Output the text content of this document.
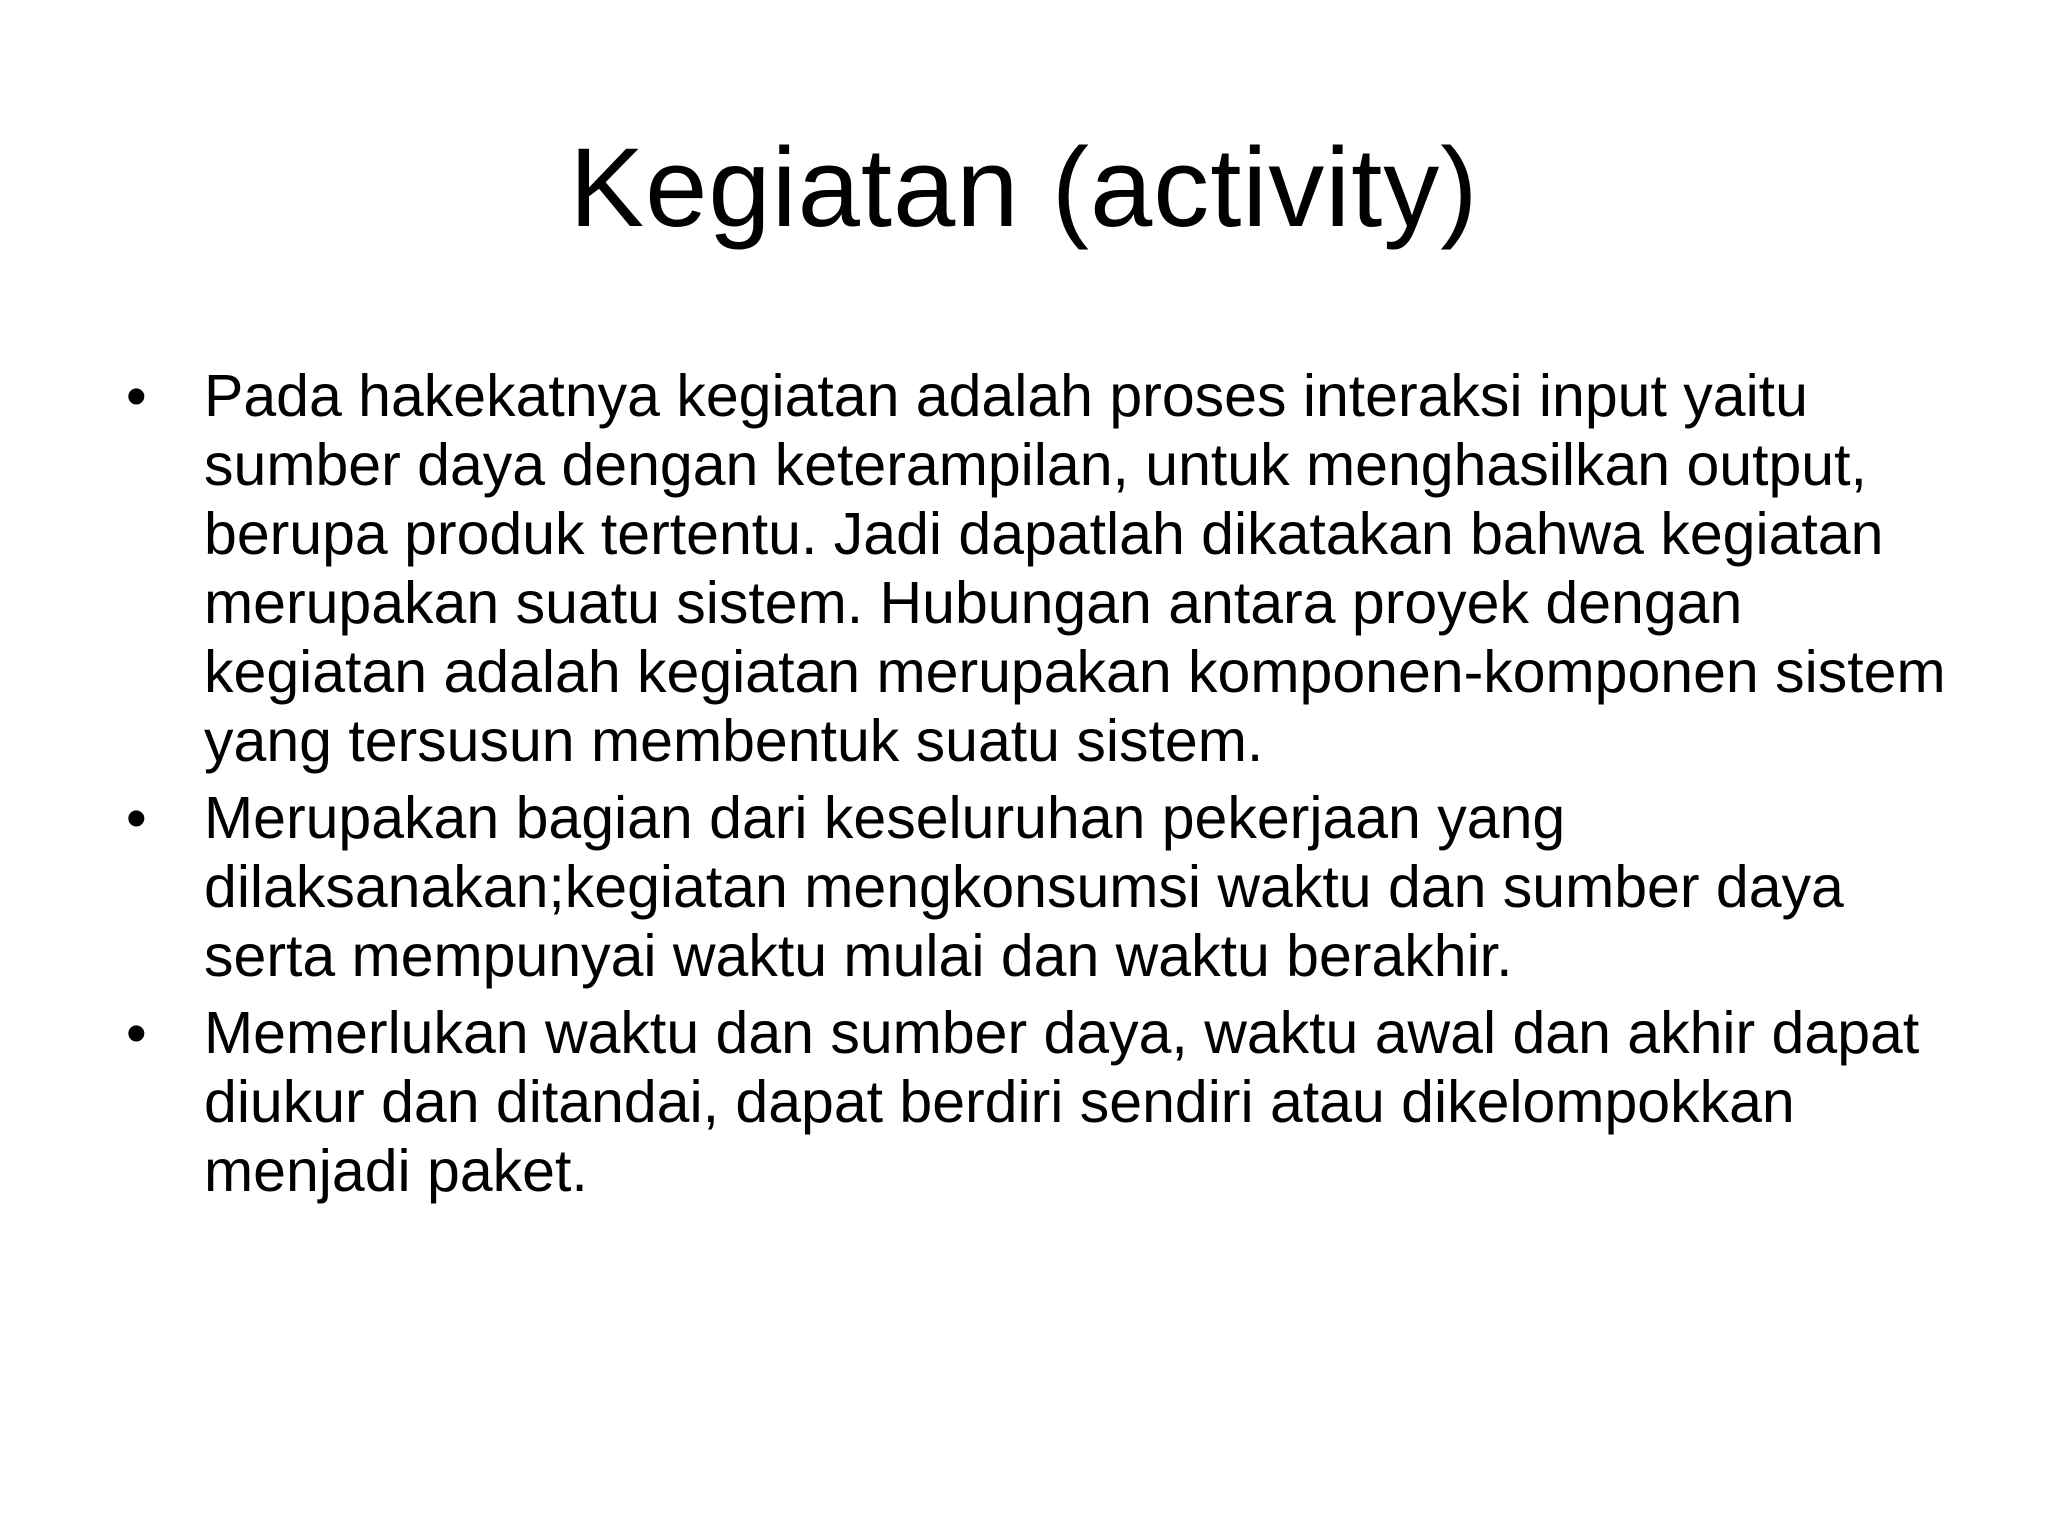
Kegiatan (activity)
• Pada hakekatnya kegiatan adalah proses interaksi input yaitu sumber daya dengan keterampilan, untuk menghasilkan output, berupa produk tertentu. Jadi dapatlah dikatakan bahwa kegiatan merupakan suatu sistem. Hubungan antara proyek dengan kegiatan adalah kegiatan merupakan komponen-komponen sistem yang tersusun membentuk suatu sistem.
• Merupakan bagian dari keseluruhan pekerjaan yang dilaksanakan;kegiatan mengkonsumsi waktu dan sumber daya serta mempunyai waktu mulai dan waktu berakhir.
• Memerlukan waktu dan sumber daya, waktu awal dan akhir dapat diukur dan ditandai, dapat berdiri sendiri atau dikelompokkan menjadi paket.
